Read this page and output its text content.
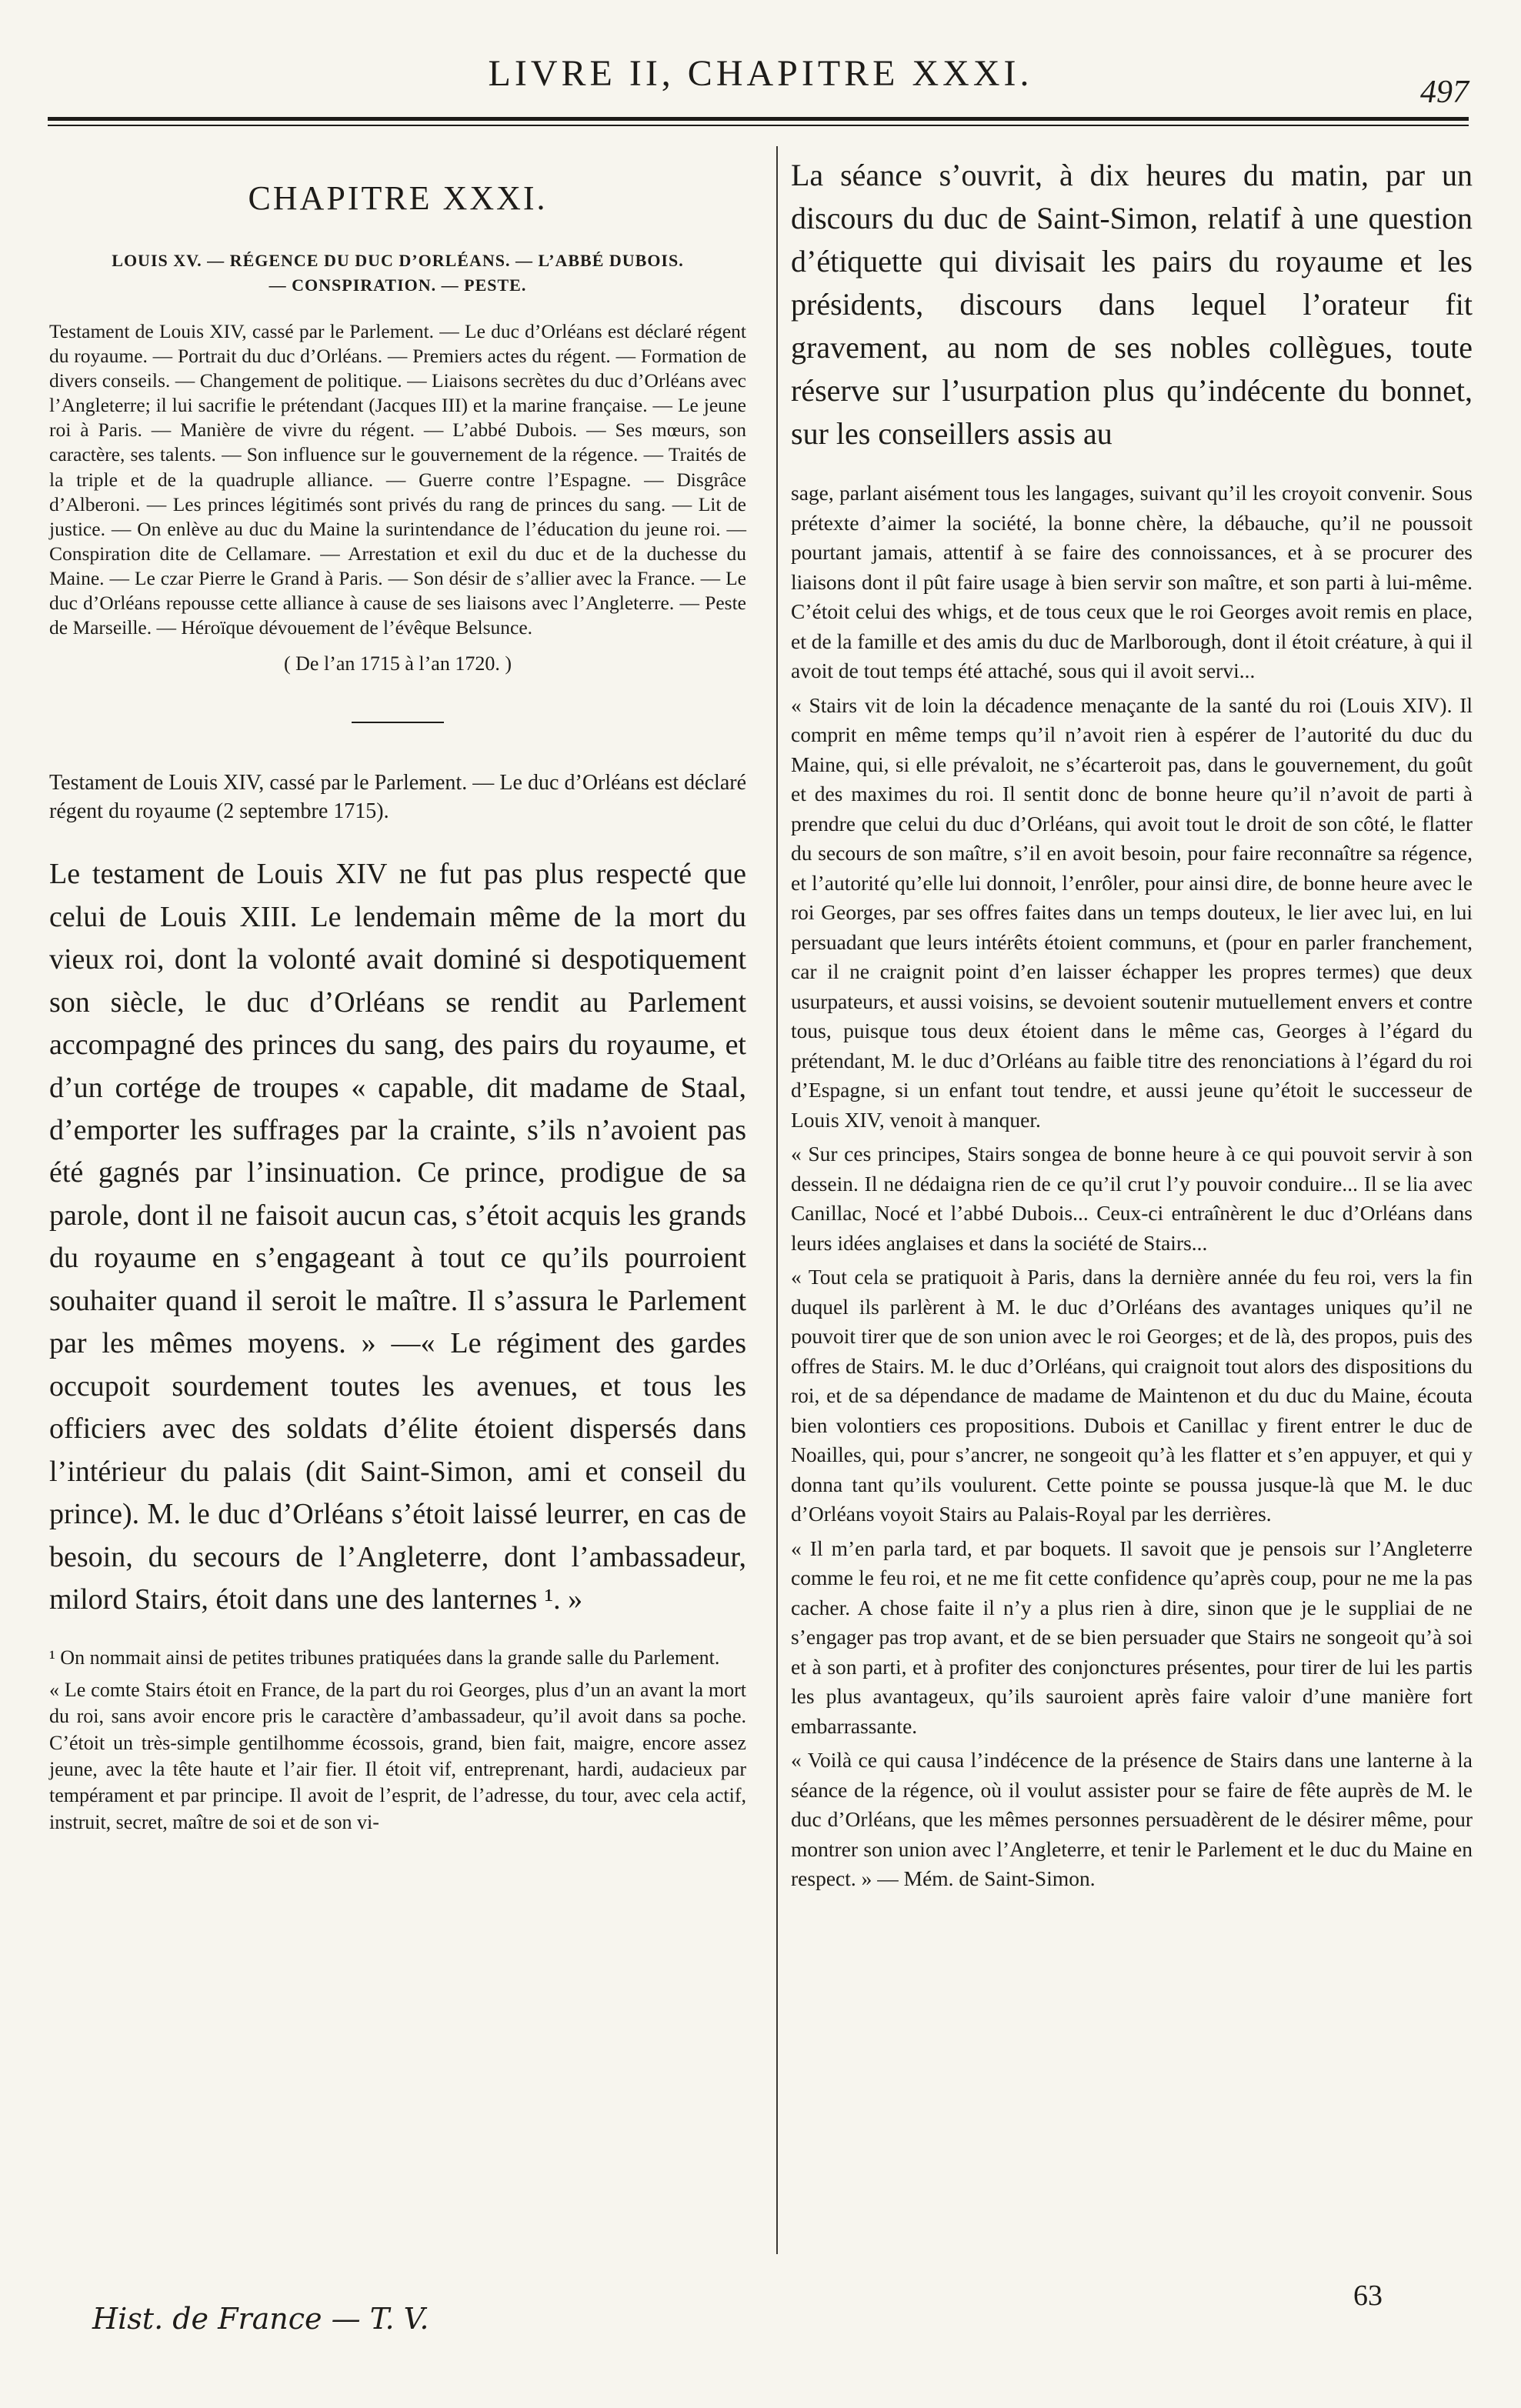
LIVRE II, CHAPITRE XXXI.	497
CHAPITRE XXXI.
LOUIS XV. — RÉGENCE DU DUC D’ORLÉANS. — L’ABBÉ DUBOIS.
— CONSPIRATION. — PESTE.

Testament de Louis XIV, cassé par le Parlement. — Le duc d’Orléans est déclaré régent du royaume. — Portrait du duc d’Orléans. — Premiers actes du régent. — Formation de divers conseils. — Changement de politique. — Liaisons secrètes du duc d’Orléans avec l’Angleterre; il lui sacrifie le prétendant (Jacques III) et la marine française. — Le jeune roi à Paris. — Manière de vivre du régent. — L’abbé Dubois. — Ses mœurs, son caractère, ses talents. — Son influence sur le gouvernement de la régence. — Traités de la triple et de la quadruple alliance. — Guerre contre l’Espagne. — Disgrâce d’Alberoni. — Les princes légitimés sont privés du rang de princes du sang. — Lit de justice. — On enlève au duc du Maine la surintendance de l’éducation du jeune roi. — Conspiration dite de Cellamare. — Arrestation et exil du duc et de la duchesse du Maine. — Le czar Pierre le Grand à Paris. — Son désir de s’allier avec la France. — Le duc d’Orléans repousse cette alliance à cause de ses liaisons avec l’Angleterre. — Peste de Marseille. — Héroïque dévouement de l’évêque Belsunce.

( De l’an 1715 à l’an 1720. )

Testament de Louis XIV, cassé par le Parlement. — Le duc d’Orléans est déclaré régent du royaume (2 septembre 1715).

Le testament de Louis XIV ne fut pas plus respecté que celui de Louis XIII. Le lendemain même de la mort du vieux roi, dont la volonté avait dominé si despotiquement son siècle, le duc d’Orléans se rendit au Parlement accompagné des princes du sang, des pairs du royaume, et d’un cortége de troupes « capable, dit madame de Staal, d’emporter les suffrages par la crainte, s’ils n’avoient pas été gagnés par l’insinuation. Ce prince, prodigue de sa parole, dont il ne faisoit aucun cas, s’étoit acquis les grands du royaume en s’engageant à tout ce qu’ils pourroient souhaiter quand il seroit le maître. Il s’assura le Parlement par les mêmes moyens. » —« Le régiment des gardes occupoit sourdement toutes les avenues, et tous les officiers avec des soldats d’élite étoient dispersés dans l’intérieur du palais (dit Saint-Simon, ami et conseil du prince). M. le duc d’Orléans s’étoit laissé leurrer, en cas de besoin, du secours de l’Angleterre, dont l’ambassadeur, milord Stairs, étoit dans une des lanternes ¹. »

¹ On nommait ainsi de petites tribunes pratiquées dans la grande salle du Parlement.

« Le comte Stairs étoit en France, de la part du roi Georges, plus d’un an avant la mort du roi, sans avoir encore pris le caractère d’ambassadeur, qu’il avoit dans sa poche. C’étoit un très-simple gentilhomme écossois, grand, bien fait, maigre, encore assez jeune, avec la tête haute et l’air fier. Il étoit vif, entreprenant, hardi, audacieux par tempérament et par principe. Il avoit de l’esprit, de l’adresse, du tour, avec cela actif, instruit, secret, maître de soi et de son vi-

Hist. de France — T. V.

La séance s’ouvrit, à dix heures du matin, par un discours du duc de Saint-Simon, relatif à une question d’étiquette qui divisait les pairs du royaume et les présidents, discours dans lequel l’orateur fit gravement, au nom de ses nobles collègues, toute réserve sur l’usurpation plus qu’indécente du bonnet, sur les conseillers assis au

sage, parlant aisément tous les langages, suivant qu’il les croyoit convenir. Sous prétexte d’aimer la société, la bonne chère, la débauche, qu’il ne poussoit pourtant jamais, attentif à se faire des connoissances, et à se procurer des liaisons dont il pût faire usage à bien servir son maître, et son parti à lui-même. C’étoit celui des whigs, et de tous ceux que le roi Georges avoit remis en place, et de la famille et des amis du duc de Marlborough, dont il étoit créature, à qui il avoit de tout temps été attaché, sous qui il avoit servi...

« Stairs vit de loin la décadence menaçante de la santé du roi (Louis XIV). Il comprit en même temps qu’il n’avoit rien à espérer de l’autorité du duc du Maine, qui, si elle prévaloit, ne s’écarteroit pas, dans le gouvernement, du goût et des maximes du roi. Il sentit donc de bonne heure qu’il n’avoit de parti à prendre que celui du duc d’Orléans, qui avoit tout le droit de son côté, le flatter du secours de son maître, s’il en avoit besoin, pour faire reconnaître sa régence, et l’autorité qu’elle lui donnoit, l’enrôler, pour ainsi dire, de bonne heure avec le roi Georges, par ses offres faites dans un temps douteux, le lier avec lui, en lui persuadant que leurs intérêts étoient communs, et (pour en parler franchement, car il ne craignit point d’en laisser échapper les propres termes) que deux usurpateurs, et aussi voisins, se devoient soutenir mutuellement envers et contre tous, puisque tous deux étoient dans le même cas, Georges à l’égard du prétendant, M. le duc d’Orléans au faible titre des renonciations à l’égard du roi d’Espagne, si un enfant tout tendre, et aussi jeune qu’étoit le successeur de Louis XIV, venoit à manquer.

« Sur ces principes, Stairs songea de bonne heure à ce qui pouvoit servir à son dessein. Il ne dédaigna rien de ce qu’il crut l’y pouvoir conduire... Il se lia avec Canillac, Nocé et l’abbé Dubois... Ceux-ci entraînèrent le duc d’Orléans dans leurs idées anglaises et dans la société de Stairs...

« Tout cela se pratiquoit à Paris, dans la dernière année du feu roi, vers la fin duquel ils parlèrent à M. le duc d’Orléans des avantages uniques qu’il ne pouvoit tirer que de son union avec le roi Georges; et de là, des propos, puis des offres de Stairs. M. le duc d’Orléans, qui craignoit tout alors des dispositions du roi, et de sa dépendance de madame de Maintenon et du duc du Maine, écouta bien volontiers ces propositions. Dubois et Canillac y firent entrer le duc de Noailles, qui, pour s’ancrer, ne songeoit qu’à les flatter et s’en appuyer, et qui y donna tant qu’ils voulurent. Cette pointe se poussa jusque-là que M. le duc d’Orléans voyoit Stairs au Palais-Royal par les derrières.

« Il m’en parla tard, et par boquets. Il savoit que je pensois sur l’Angleterre comme le feu roi, et ne me fit cette confidence qu’après coup, pour ne me la pas cacher. A chose faite il n’y a plus rien à dire, sinon que je le suppliai de ne s’engager pas trop avant, et de se bien persuader que Stairs ne songeoit qu’à soi et à son parti, et à profiter des conjonctures présentes, pour tirer de lui les partis les plus avantageux, qu’ils sauroient après faire valoir d’une manière fort embarrassante.

« Voilà ce qui causa l’indécence de la présence de Stairs dans une lanterne à la séance de la régence, où il voulut assister pour se faire de fête auprès de M. le duc d’Orléans, que les mêmes personnes persuadèrent de le désirer même, pour montrer son union avec l’Angleterre, et tenir le Parlement et le duc du Maine en respect. » — Mém. de Saint-Simon.

63
